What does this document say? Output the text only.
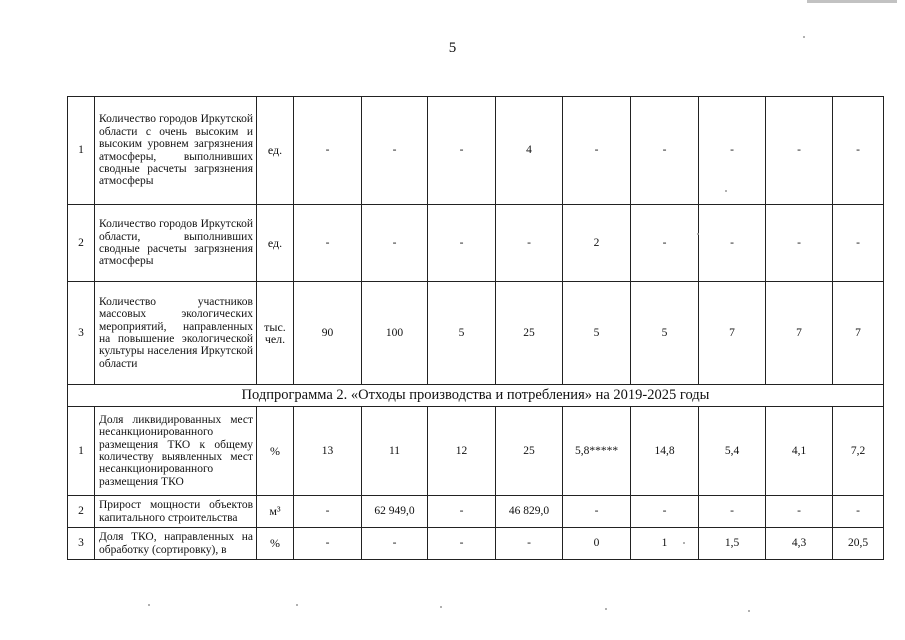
5
1	Количество городов Иркутской области с очень высоким и высоким уровнем загрязнения атмосферы, выполнивших сводные расчеты загрязнения атмосферы	ед.	-	-	-	4	-	-	-	-	-
2	Количество городов Иркутской области, выполнивших сводные расчеты загрязнения атмосферы	ед.	-	-	-	-	2	-	-	-	-
3	Количество участников массовых экологических мероприятий, направленных на повышение экологической культуры населения Иркутской области	тыс. чел.	90	100	5	25	5	5	7	7	7
Подпрограмма 2. «Отходы производства и потребления» на 2019-2025 годы											
1	Доля ликвидированных мест несанкционированного размещения ТКО к общему количеству выявленных мест несанкционированного размещения ТКО	%	13	11	12	25	5,8*****	14,8	5,4	4,1	7,2
2	Прирост мощности объектов капитального строительства	м³	-	62 949,0	-	46 829,0	-	-	-	-	-
3	Доля ТКО, направленных на обработку (сортировку), в	%	-	-	-	-	0	1	1,5	4,3	20,5
